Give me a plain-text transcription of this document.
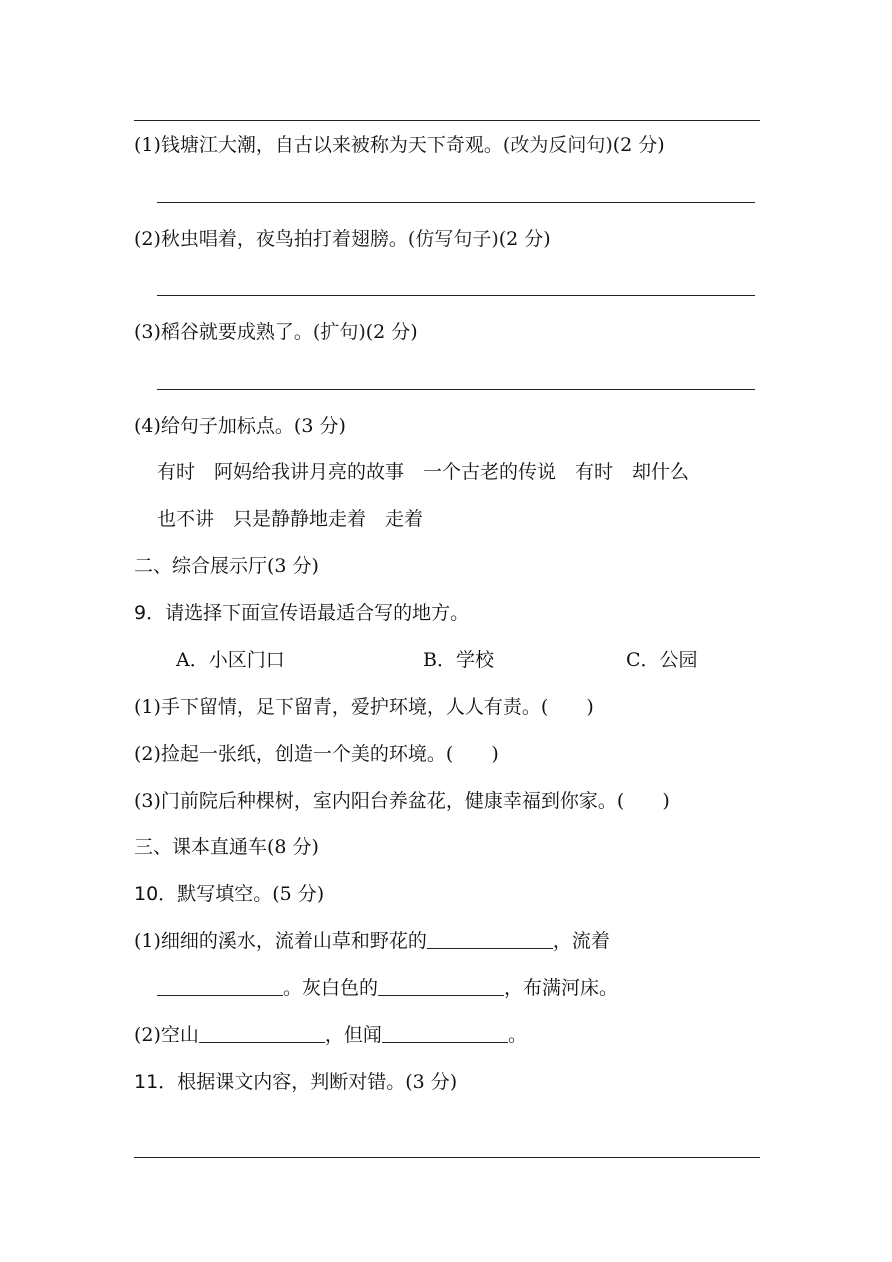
(1)钱塘江大潮，自古以来被称为天下奇观。(改为反问句)(2 分)
(2)秋虫唱着，夜鸟拍打着翅膀。(仿写句子)(2 分)
(3)稻谷就要成熟了。(扩句)(2 分)
(4)给句子加标点。(3 分)
有时　阿妈给我讲月亮的故事　一个古老的传说　有时　却什么
也不讲　只是静静地走着　走着
二、综合展示厅(3 分)
9．请选择下面宣传语最适合写的地方。
A．小区门口	B．学校	C．公园
(1)手下留情，足下留青，爱护环境，人人有责。( )
(2)捡起一张纸，创造一个美的环境。( )
(3)门前院后种棵树，室内阳台养盆花，健康幸福到你家。( )
三、课本直通车(8 分)
10．默写填空。(5 分)
(1)细细的溪水，流着山草和野花的	，流着
。灰白色的	，布满河床。
(2)空山	，但闻	。
11．根据课文内容，判断对错。(3 分)
